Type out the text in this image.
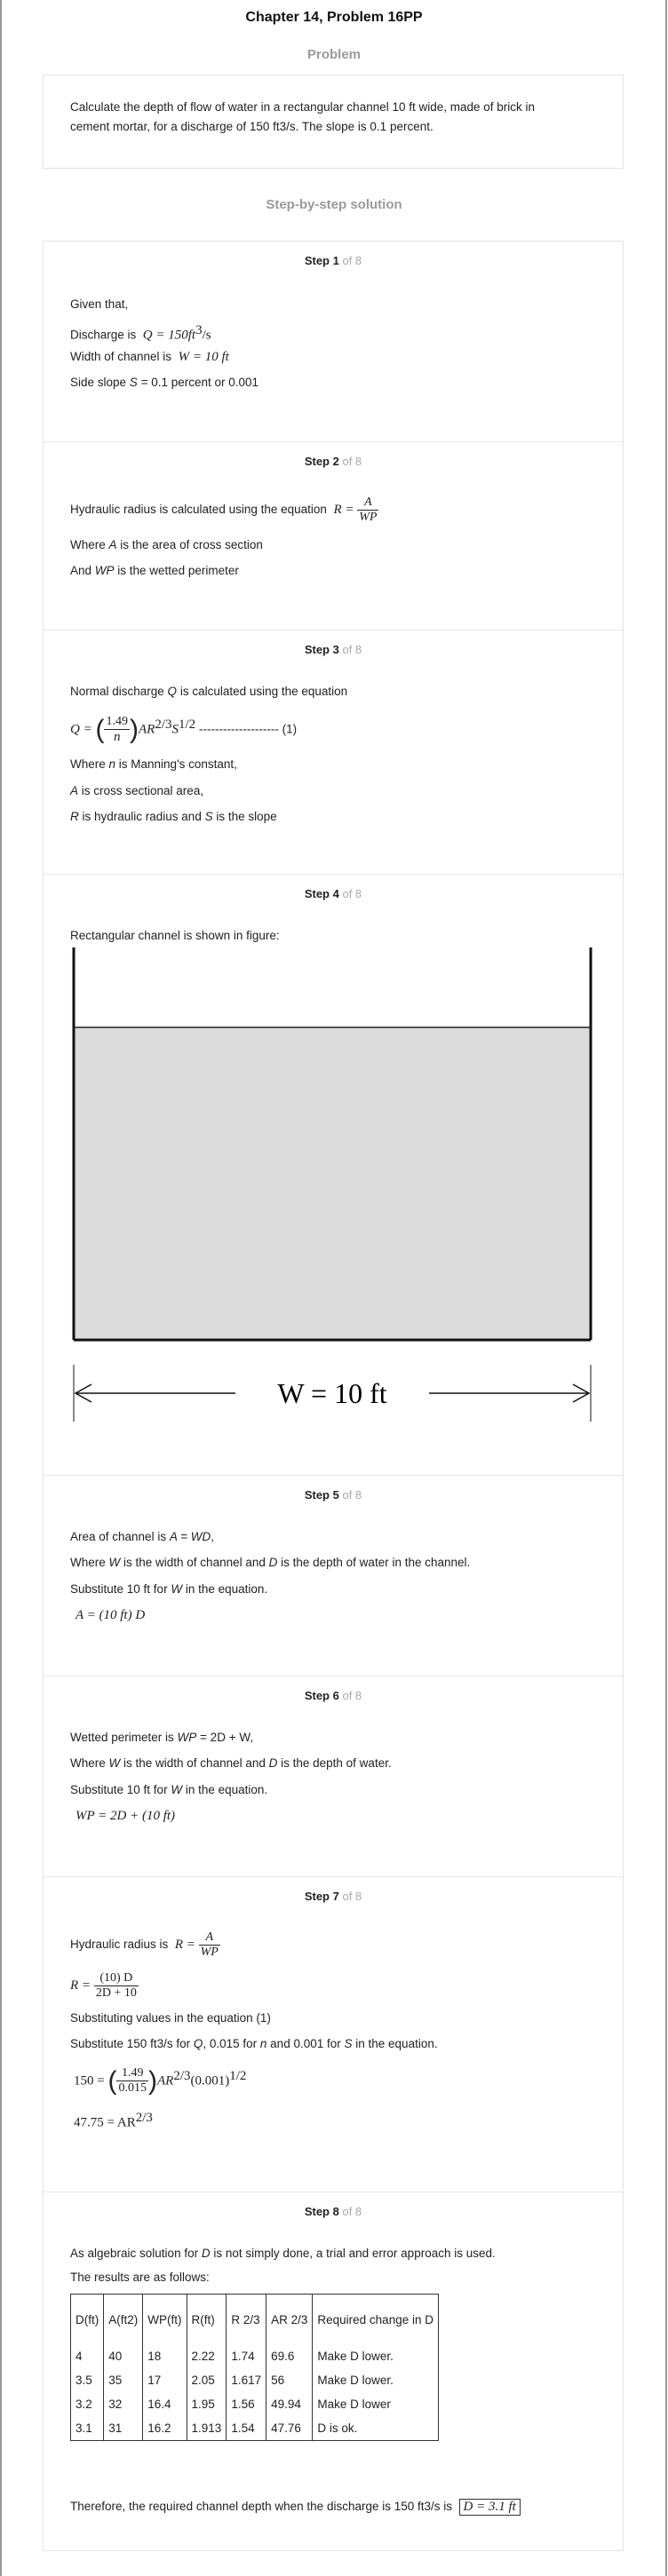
Chapter 14, Problem 16PP
Problem
Calculate the depth of flow of water in a rectangular channel 10 ft wide, made of brick in
cement mortar, for a discharge of 150 ft3/s. The slope is 0.1 percent.
Step-by-step solution
Step 1 of 8
Given that,
Discharge is $Q = 150ft^3/s$
Width of channel is W = 10 ft
Side slope S = 0.1 percent or 0.001
Step 2 of 8
Hydraulic radius is calculated using the equation $R = \frac{A}{WP}$
Where A is the area of cross section
And WP is the wetted perimeter
Step 3 of 8
Normal discharge Q is calculated using the equation
Q = ( $\frac{1.49}{n} )AR^{2/3}S^{1/2}$ -------------------- (1)
Where n is Manning's constant,
A is cross sectional area,
R is hydraulic radius and S is the slope
Step 4 of 8
Rectangular channel is shown in figure:
W = 10 ft
Step 5 of 8
Area of channel is A = WD,
Where W is the width of channel and D is the depth of water in the channel.
Substitute 10 ft for W in the equation.
A = (10 ft) D
Step 6 of 8
Wetted perimeter is WP = 2D + W,
Where W is the width of channel and D is the depth of water.
Substitute 10 ft for W in the equation.
WP = 2D + (10 ft)
Step 7 of 8
Hydraulic radius is $R = \frac{A}{WP}$
$R = \frac{(10) D}{2D + 10}$
Substituting values in the equation (1)
Substitute 150 ft3/s for Q, 0.015 for n and 0.001 for S in the equation.
150 = ( $\frac{1.49}{0.015} )AR^{2/3}(0.001)^{1/2}$
$47.75 = AR^{2/3}$
Step 8 of 8
As algebraic solution for D is not simply done, a trial and error approach is used.
The results are as follows:
D(ft)	A(ft2)	WP(ft)	R(ft)	R 2/3	AR 2/3	Required change in D
4	40	18	2.22	1.74	69.6	Make D lower.
3.5	35	17	2.05	1.617	56	Make D lower.
3.2	32	16.4	1.95	1.56	49.94	Make D lower
3.1	31	16.2	1.913	1.54	47.76	D is ok.
Therefore, the required channel depth when the discharge is 150 ft3/s is D = 3.1 ft
